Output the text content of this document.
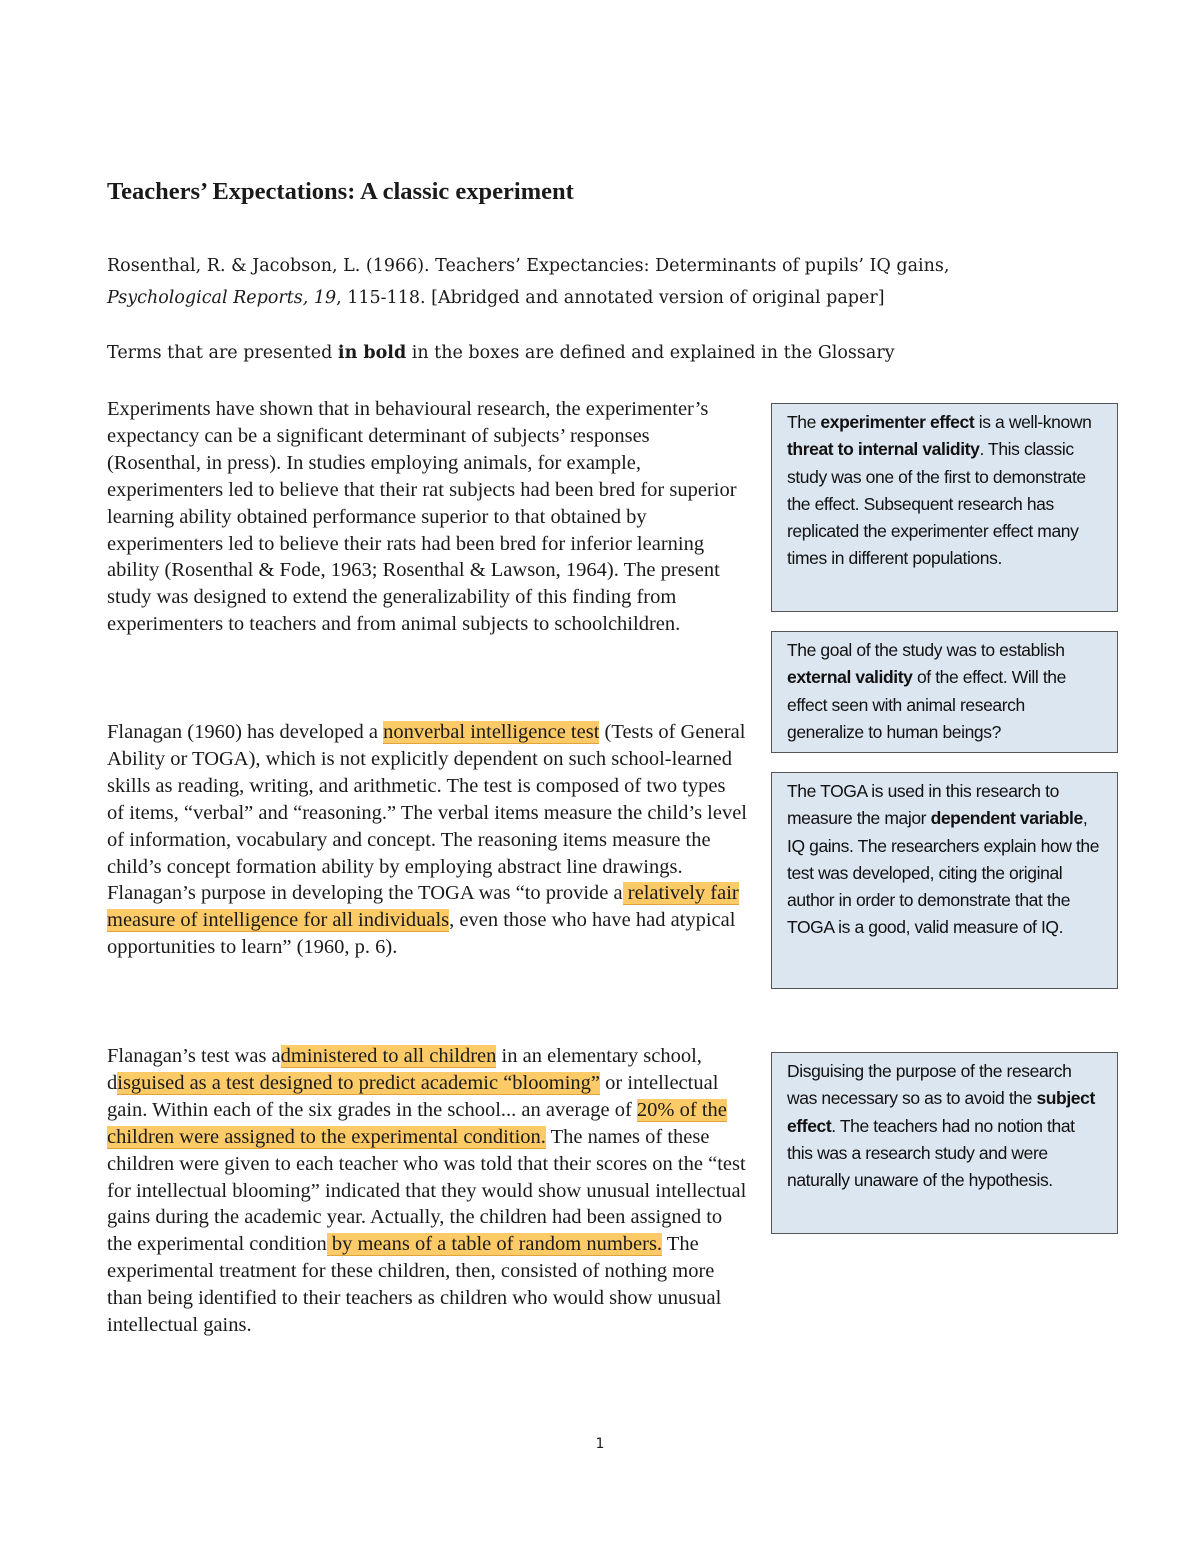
Teachers’ Expectations: A classic experiment
Rosenthal, R. & Jacobson, L. (1966). Teachers’ Expectancies: Determinants of pupils’ IQ gains,
Psychological Reports, 19, 115-118. [Abridged and annotated version of original paper]
Terms that are presented in bold in the boxes are defined and explained in the Glossary

Experiments have shown that in behavioural research, the experimenter’s expectancy can be a significant determinant of subjects’ responses (Rosenthal, in press). In studies employing animals, for example, experimenters led to believe that their rat subjects had been bred for superior learning ability obtained performance superior to that obtained by experimenters led to believe their rats had been bred for inferior learning ability (Rosenthal & Fode, 1963; Rosenthal & Lawson, 1964). The present study was designed to extend the generalizability of this finding from experimenters to teachers and from animal subjects to schoolchildren.

Flanagan (1960) has developed a nonverbal intelligence test (Tests of General Ability or TOGA), which is not explicitly dependent on such school-learned skills as reading, writing, and arithmetic. The test is composed of two types of items, “verbal” and “reasoning.” The verbal items measure the child’s level of information, vocabulary and concept. The reasoning items measure the child’s concept formation ability by employing abstract line drawings. Flanagan’s purpose in developing the TOGA was “to provide a relatively fair measure of intelligence for all individuals, even those who have had atypical opportunities to learn” (1960, p. 6).

Flanagan’s test was administered to all children in an elementary school, disguised as a test designed to predict academic “blooming” or intellectual gain. Within each of the six grades in the school... an average of 20% of the children were assigned to the experimental condition. The names of these children were given to each teacher who was told that their scores on the “test for intellectual blooming” indicated that they would show unusual intellectual gains during the academic year. Actually, the children had been assigned to the experimental condition by means of a table of random numbers. The experimental treatment for these children, then, consisted of nothing more than being identified to their teachers as children who would show unusual intellectual gains.

The experimenter effect is a well-known threat to internal validity. This classic study was one of the first to demonstrate the effect. Subsequent research has replicated the experimenter effect many times in different populations.
The goal of the study was to establish external validity of the effect. Will the effect seen with animal research generalize to human beings?
The TOGA is used in this research to measure the major dependent variable, IQ gains. The researchers explain how the test was developed, citing the original author in order to demonstrate that the TOGA is a good, valid measure of IQ.
Disguising the purpose of the research was necessary so as to avoid the subject effect. The teachers had no notion that this was a research study and were naturally unaware of the hypothesis.
1
